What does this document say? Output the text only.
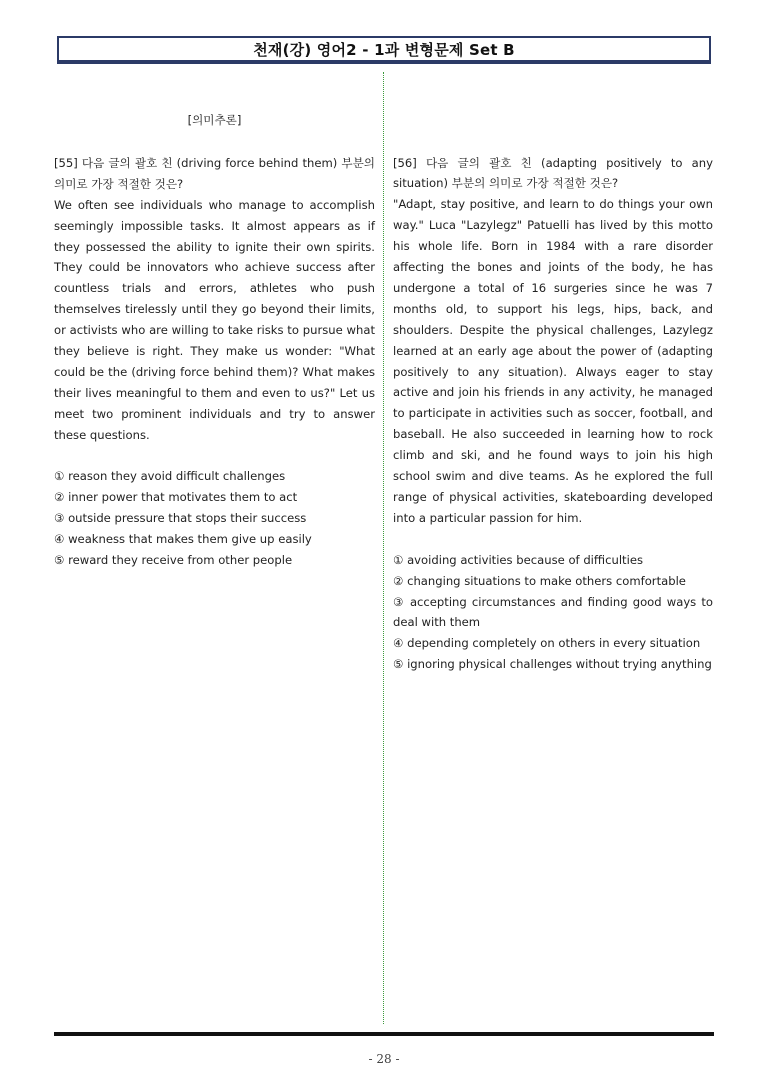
천재(강) 영어2 - 1과 변형문제 Set B

[의미추론]

[55] 다음 글의 괄호 친 (driving force behind them) 부분의 의미로 가장 적절한 것은?

We often see individuals who manage to accomplish seemingly impossible tasks. It almost appears as if they possessed the ability to ignite their own spirits. They could be innovators who achieve success after countless trials and errors, athletes who push themselves tirelessly until they go beyond their limits, or activists who are willing to take risks to pursue what they believe is right. They make us wonder: "What could be the (driving force behind them)? What makes their lives meaningful to them and even to us?" Let us meet two prominent individuals and try to answer these questions.

① reason they avoid difficult challenges

② inner power that motivates them to act

③ outside pressure that stops their success

④ weakness that makes them give up easily

⑤ reward they receive from other people

[56] 다음 글의 괄호 친 (adapting positively to any situation) 부분의 의미로 가장 적절한 것은?

"Adapt, stay positive, and learn to do things your own way." Luca "Lazylegz" Patuelli has lived by this motto his whole life. Born in 1984 with a rare disorder affecting the bones and joints of the body, he has undergone a total of 16 surgeries since he was 7 months old, to support his legs, hips, back, and shoulders. Despite the physical challenges, Lazylegz learned at an early age about the power of (adapting positively to any situation). Always eager to stay active and join his friends in any activity, he managed to participate in activities such as soccer, football, and baseball. He also succeeded in learning how to rock climb and ski, and he found ways to join his high school swim and dive teams. As he explored the full range of physical activities, skateboarding developed into a particular passion for him.

① avoiding activities because of difficulties

② changing situations to make others comfortable

③ accepting circumstances and finding good ways to deal with them

④ depending completely on others in every situation

⑤ ignoring physical challenges without trying anything

- 28 -
